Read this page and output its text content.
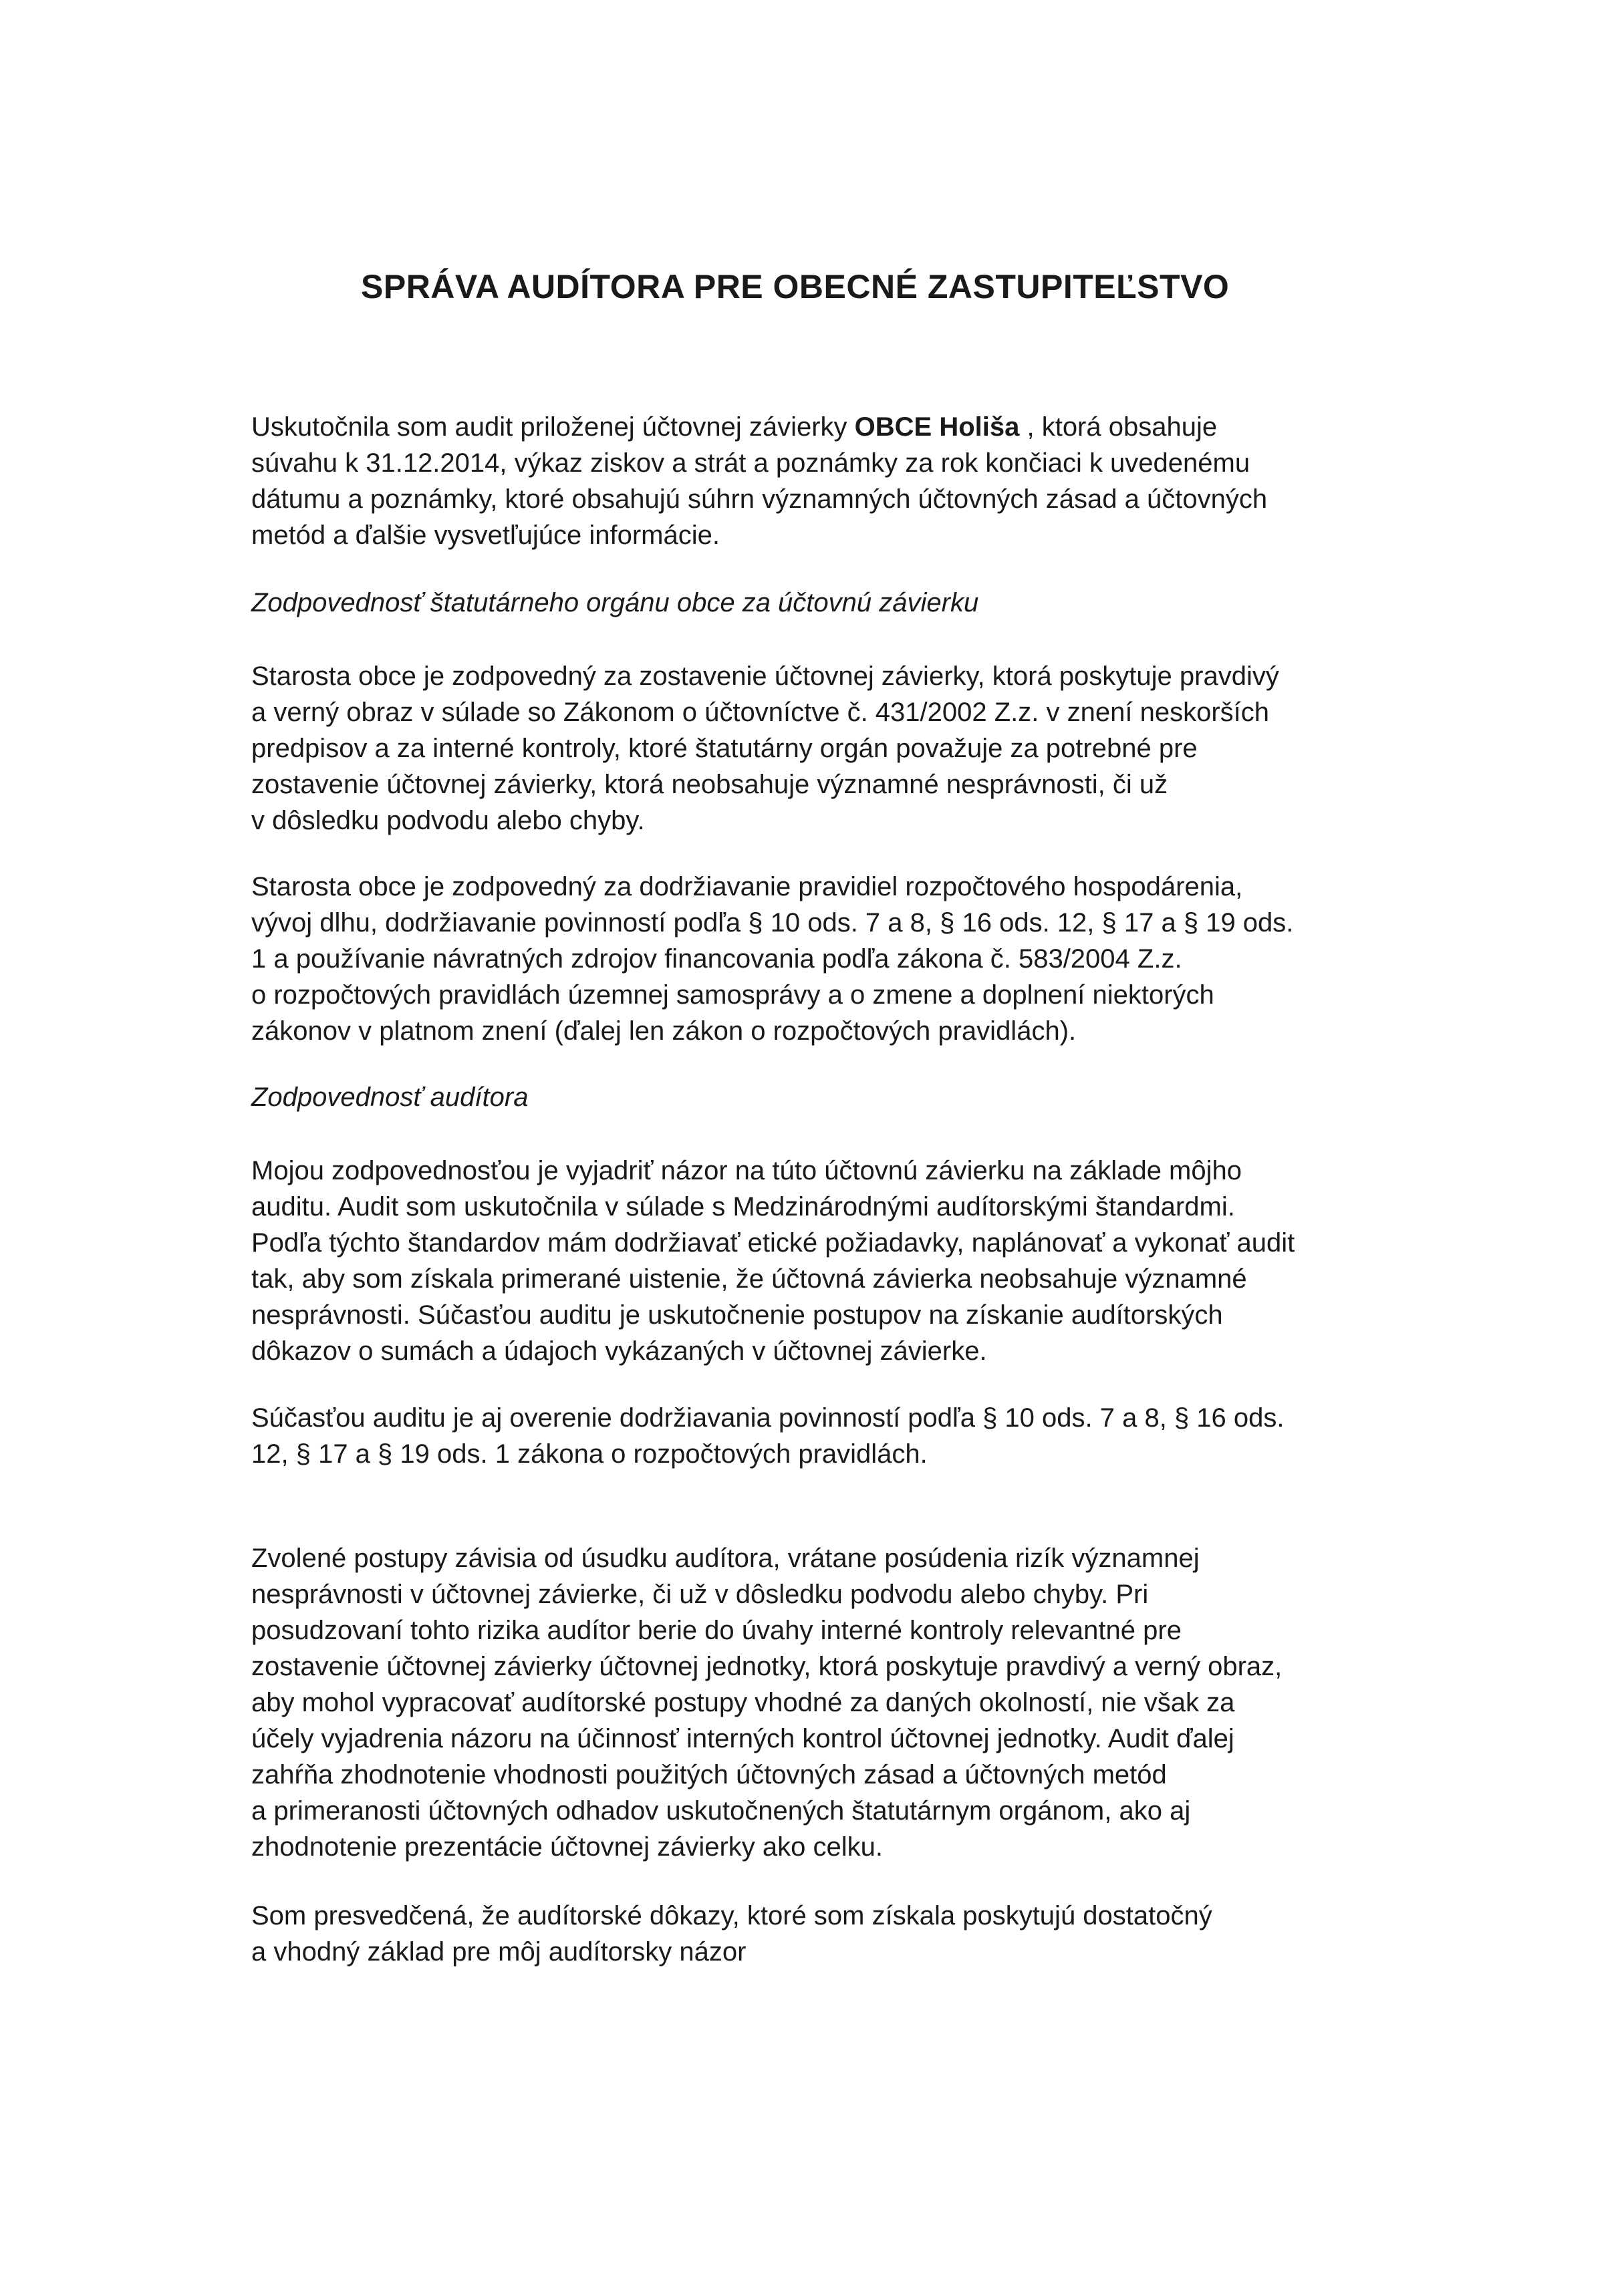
SPRÁVA AUDÍTORA PRE OBECNÉ ZASTUPITEĽSTVO
Uskutočnila som audit priloženej účtovnej závierky OBCE Holiša , ktorá obsahuje
súvahu k 31.12.2014, výkaz ziskov a strát a poznámky za rok končiaci k uvedenému
dátumu a poznámky, ktoré obsahujú súhrn významných účtovných zásad a účtovných
metód a ďalšie vysvetľujúce informácie.
Zodpovednosť štatutárneho orgánu obce za účtovnú závierku
Starosta obce je zodpovedný za zostavenie účtovnej závierky, ktorá poskytuje pravdivý
a verný obraz v súlade so Zákonom o účtovníctve č. 431/2002 Z.z. v znení neskorších
predpisov a za interné kontroly, ktoré štatutárny orgán považuje za potrebné pre
zostavenie účtovnej závierky, ktorá neobsahuje významné nesprávnosti, či už
v dôsledku podvodu alebo chyby.
Starosta obce je zodpovedný za dodržiavanie pravidiel rozpočtového hospodárenia,
vývoj dlhu, dodržiavanie povinností podľa § 10 ods. 7 a 8, § 16 ods. 12, § 17 a § 19 ods.
1 a používanie návratných zdrojov financovania podľa zákona č. 583/2004 Z.z.
o rozpočtových pravidlách územnej samosprávy a o zmene a doplnení niektorých
zákonov v platnom znení (ďalej len zákon o rozpočtových pravidlách).
Zodpovednosť audítora
Mojou zodpovednosťou je vyjadriť názor na túto účtovnú závierku na základe môjho
auditu. Audit som uskutočnila v súlade s Medzinárodnými audítorskými štandardmi.
Podľa týchto štandardov mám dodržiavať etické požiadavky, naplánovať a vykonať audit
tak, aby som získala primerané uistenie, že účtovná závierka neobsahuje významné
nesprávnosti. Súčasťou auditu je uskutočnenie postupov na získanie audítorských
dôkazov o sumách a údajoch vykázaných v účtovnej závierke.
Súčasťou auditu je aj overenie dodržiavania povinností podľa § 10 ods. 7 a 8, § 16 ods.
12, § 17 a § 19 ods. 1 zákona o rozpočtových pravidlách.
Zvolené postupy závisia od úsudku audítora, vrátane posúdenia rizík významnej
nesprávnosti v účtovnej závierke, či už v dôsledku podvodu alebo chyby. Pri
posudzovaní tohto rizika audítor berie do úvahy interné kontroly relevantné pre
zostavenie účtovnej závierky účtovnej jednotky, ktorá poskytuje pravdivý a verný obraz,
aby mohol vypracovať audítorské postupy vhodné za daných okolností, nie však za
účely vyjadrenia názoru na účinnosť interných kontrol účtovnej jednotky. Audit ďalej
zahŕňa zhodnotenie vhodnosti použitých účtovných zásad a účtovných metód
a primeranosti účtovných odhadov uskutočnených štatutárnym orgánom, ako aj
zhodnotenie prezentácie účtovnej závierky ako celku.
Som presvedčená, že audítorské dôkazy, ktoré som získala poskytujú dostatočný
a vhodný základ pre môj audítorsky názor
